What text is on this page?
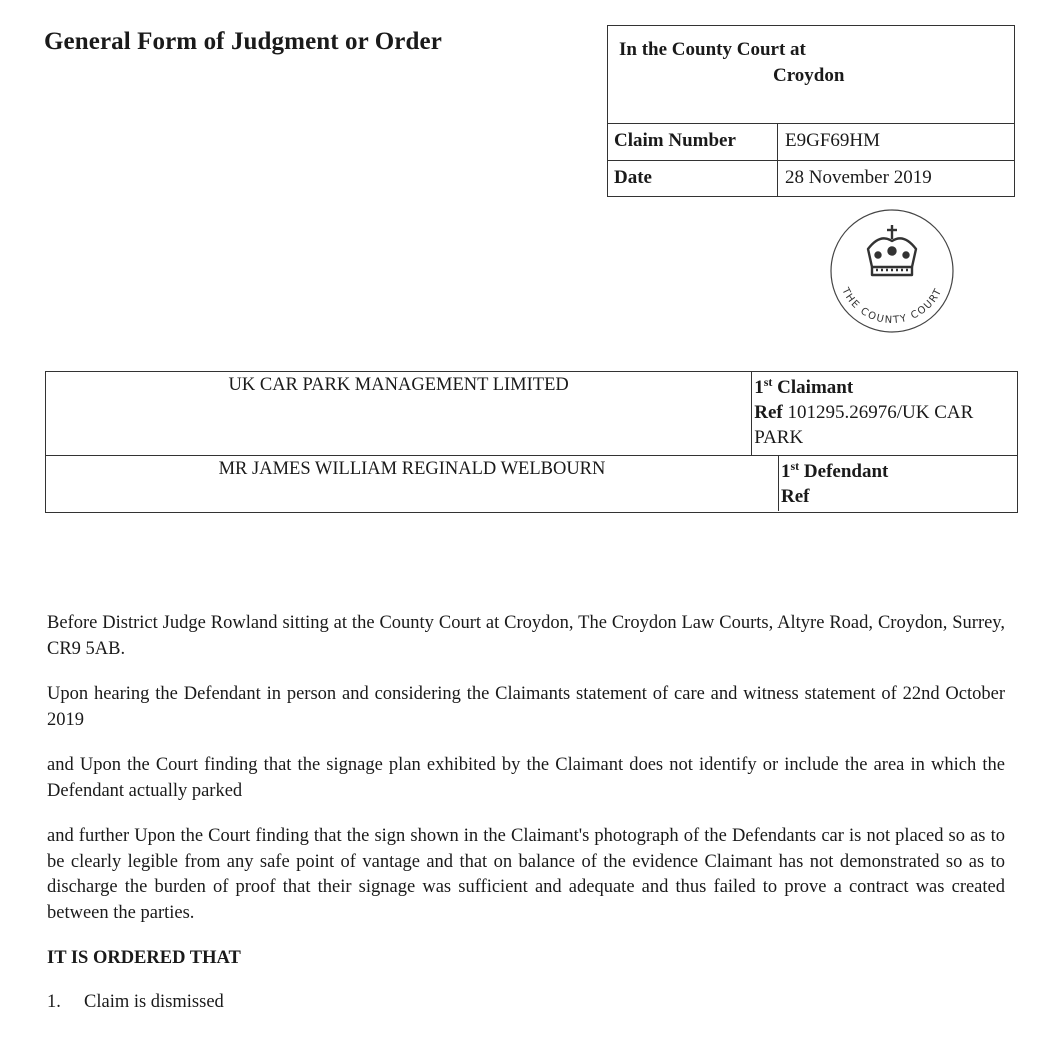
General Form of Judgment or Order	In the County Court at
Croydon
Claim Number	E9GF69HM
Date	28 November 2019
THE COUNTY COURT
UK CAR PARK MANAGEMENT LIMITED	1st Claimant
Ref 101295.26976/UK CAR PARK
MR JAMES WILLIAM REGINALD WELBOURN	1st Defendant
Ref

Before District Judge Rowland sitting at the County Court at Croydon, The Croydon Law Courts, Altyre Road, Croydon, Surrey, CR9 5AB.

Upon hearing the Defendant in person and considering the Claimants statement of care and witness statement of 22nd October 2019

and Upon the Court finding that the signage plan exhibited by the Claimant does not identify or include the area in which the Defendant actually parked

and further Upon the Court finding that the sign shown in the Claimant's photograph of the Defendants car is not placed so as to be clearly legible from any safe point of vantage and that on balance of the evidence Claimant has not demonstrated so as to discharge the burden of proof that their signage was sufficient and adequate and thus failed to prove a contract was created between the parties.

IT IS ORDERED THAT
1.	Claim is dismissed
